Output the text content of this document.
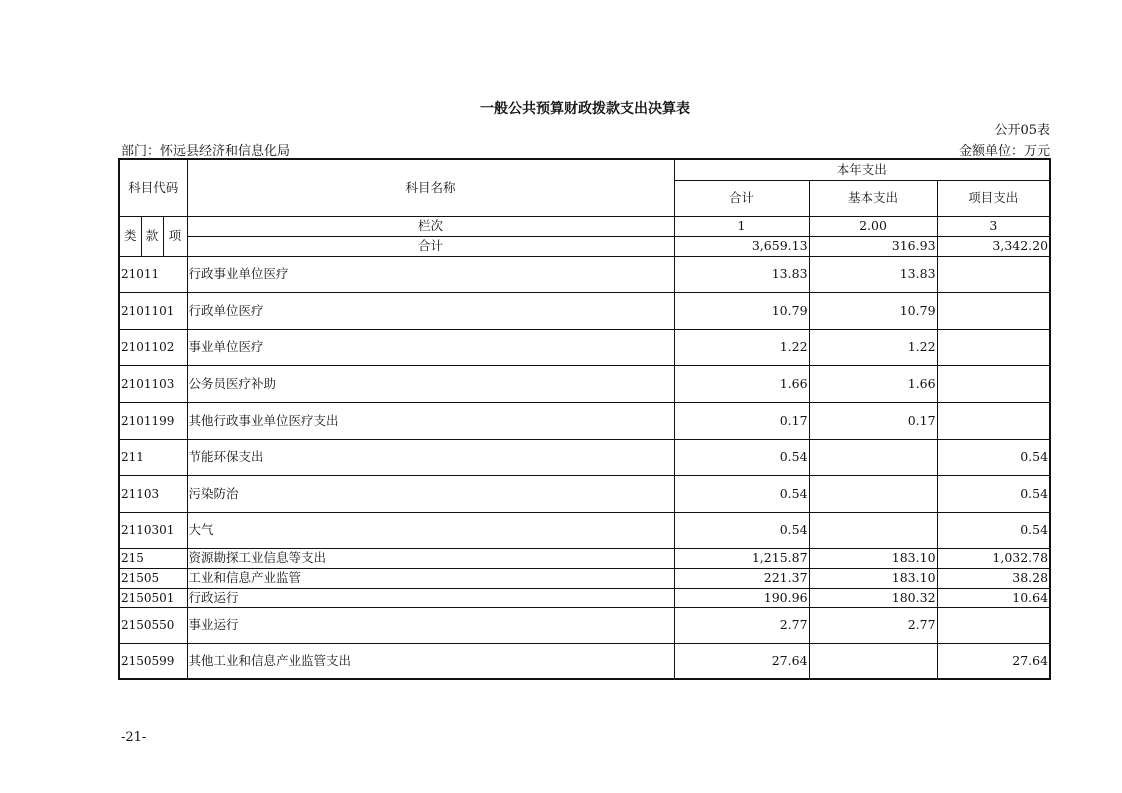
一般公共预算财政拨款支出决算表
公开05表
部门：怀远县经济和信息化局	金额单位：万元
科目代码			科目名称	本年支出		
				合计	基本支出	项目支出
类	款	项	栏次	1	2.00	3
			合计	3,659.13	316.93	3,342.20
21011			行政事业单位医疗	13.83	13.83	
2101101			行政单位医疗	10.79	10.79	
2101102			事业单位医疗	1.22	1.22	
2101103			公务员医疗补助	1.66	1.66	
2101199			其他行政事业单位医疗支出	0.17	0.17	
211			节能环保支出	0.54		0.54
21103			污染防治	0.54		0.54
2110301			大气	0.54		0.54
215			资源勘探工业信息等支出	1,215.87	183.10	1,032.78
21505			工业和信息产业监管	221.37	183.10	38.28
2150501			行政运行	190.96	180.32	10.64
2150550			事业运行	2.77	2.77	
2150599			其他工业和信息产业监管支出	27.64		27.64
-21-
